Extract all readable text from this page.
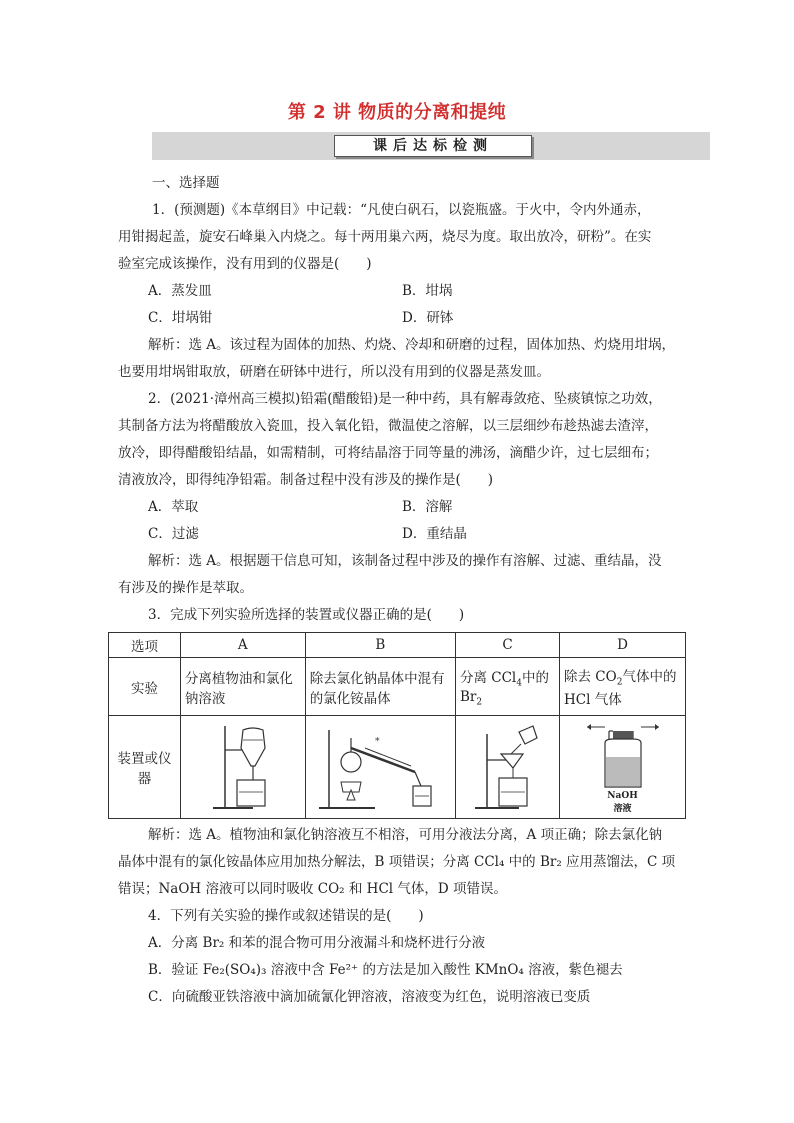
第 2 讲 物质的分离和提纯
课后达标检测
一、选择题
1．(预测题)《本草纲目》中记载：“凡使白矾石，以瓷瓶盛。于火中，令内外通赤，
用钳揭起盖，旋安石峰巢入内烧之。每十两用巢六两，烧尽为度。取出放冷，研粉”。在实
验室完成该操作，没有用到的仪器是(　　)
A．蒸发皿	B．坩埚
C．坩埚钳	D．研钵
解析：选 A。该过程为固体的加热、灼烧、冷却和研磨的过程，固体加热、灼烧用坩埚，
也要用坩埚钳取放，研磨在研钵中进行，所以没有用到的仪器是蒸发皿。
2．(2021·漳州高三模拟)铅霜(醋酸铅)是一种中药，具有解毒敛疮、坠痰镇惊之功效，
其制备方法为将醋酸放入瓷皿，投入氧化铅，微温使之溶解，以三层细纱布趁热滤去渣滓，
放冷，即得醋酸铅结晶，如需精制，可将结晶溶于同等量的沸汤，滴醋少许，过七层细布；
清液放冷，即得纯净铅霜。制备过程中没有涉及的操作是(　　)
A．萃取	B．溶解
C．过滤	D．重结晶
解析：选 A。根据题干信息可知，该制备过程中涉及的操作有溶解、过滤、重结晶，没
有涉及的操作是萃取。
3．完成下列实验所选择的装置或仪器正确的是(　　)
选项	A	B	C	D
实验	分离植物油和氯化钠溶液	除去氯化钠晶体中混有的氯化铵晶体	分离 CCl$_4$中的 $Br_2$	除去 $CO_2$气体中的 HCl 气体
装置或仪器		*		NaOH
溶液
解析：选 A。植物油和氯化钠溶液互不相溶，可用分液法分离，A 项正确；除去氯化钠
晶体中混有的氯化铵晶体应用加热分解法，B 项错误；分离 CCl₄ 中的 Br₂ 应用蒸馏法，C 项
错误；NaOH 溶液可以同时吸收 CO₂ 和 HCl 气体，D 项错误。
4．下列有关实验的操作或叙述错误的是(　　)
A．分离 Br₂ 和苯的混合物可用分液漏斗和烧杯进行分液
B．验证 Fe₂(SO₄)₃ 溶液中含 Fe²⁺ 的方法是加入酸性 KMnO₄ 溶液，紫色褪去
C．向硫酸亚铁溶液中滴加硫氰化钾溶液，溶液变为红色，说明溶液已变质
